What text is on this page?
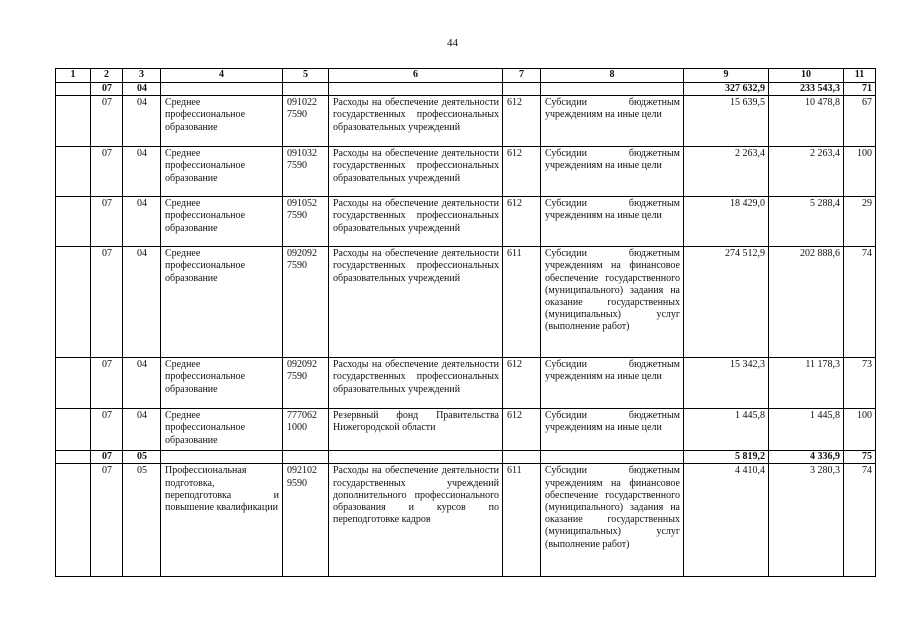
44
1	2	3	4	5	6	7	8	9	10	11
	07	04						327 632,9	233 543,3	71
	07	04	Среднее профессиональное образование	091022 7590	Расходы на обеспечение деятельности государственных профессиональных образовательных учреждений	612	Субсидии бюджетным учреждениям на иные цели	15 639,5	10 478,8	67
	07	04	Среднее профессиональное образование	091032 7590	Расходы на обеспечение деятельности государственных профессиональных образовательных учреждений	612	Субсидии бюджетным учреждениям на иные цели	2 263,4	2 263,4	100
	07	04	Среднее профессиональное образование	091052 7590	Расходы на обеспечение деятельности государственных профессиональных образовательных учреждений	612	Субсидии бюджетным учреждениям на иные цели	18 429,0	5 288,4	29
	07	04	Среднее профессиональное образование	092092 7590	Расходы на обеспечение деятельности государственных профессиональных образовательных учреждений	611	Субсидии бюджетным учреждениям на финансовое обеспечение государственного (муниципального) задания на оказание государственных (муниципальных) услуг (выполнение работ)	274 512,9	202 888,6	74
	07	04	Среднее профессиональное образование	092092 7590	Расходы на обеспечение деятельности государственных профессиональных образовательных учреждений	612	Субсидии бюджетным учреждениям на иные цели	15 342,3	11 178,3	73
	07	04	Среднее профессиональное образование	777062 1000	Резервный фонд Правительства Нижегородской области	612	Субсидии бюджетным учреждениям на иные цели	1 445,8	1 445,8	100
	07	05						5 819,2	4 336,9	75
	07	05	Профессиональная подготовка, переподготовка и повышение квалификации	092102 9590	Расходы на обеспечение деятельности государственных учреждений дополнительного профессионального образования и курсов по переподготовке кадров	611	Субсидии бюджетным учреждениям на финансовое обеспечение государственного (муниципального) задания на оказание государственных (муниципальных) услуг (выполнение работ)	4 410,4	3 280,3	74
